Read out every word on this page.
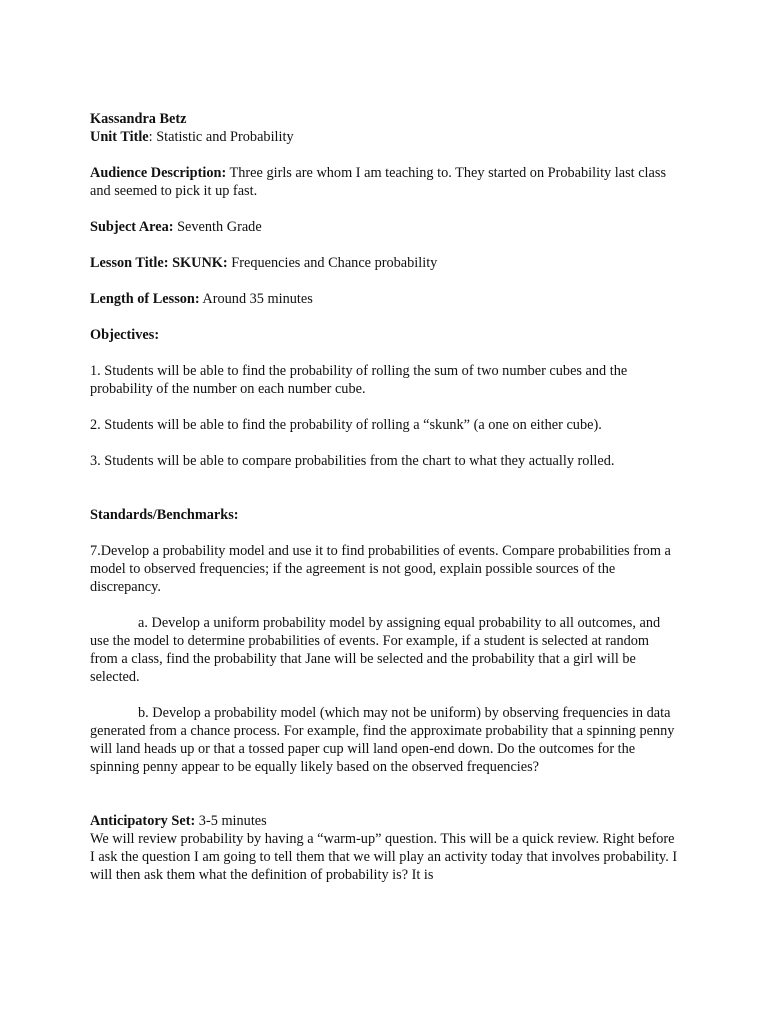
Kassandra Betz

Unit Title: Statistic and Probability

Audience Description: Three girls are whom I am teaching to. They started on Probability last class and seemed to pick it up fast.

Subject Area: Seventh Grade

Lesson Title: SKUNK: Frequencies and Chance probability

Length of Lesson: Around 35 minutes

Objectives:

1. Students will be able to find the probability of rolling the sum of two number cubes and the probability of the number on each number cube.

2. Students will be able to find the probability of rolling a “skunk” (a one on either cube).

3. Students will be able to compare probabilities from the chart to what they actually rolled.

Standards/Benchmarks:

7.Develop a probability model and use it to find probabilities of events. Compare probabilities from a model to observed frequencies; if the agreement is not good, explain possible sources of the discrepancy.

a. Develop a uniform probability model by assigning equal probability to all outcomes, and use the model to determine probabilities of events. For example, if a student is selected at random from a class, find the probability that Jane will be selected and the probability that a girl will be selected.

b. Develop a probability model (which may not be uniform) by observing frequencies in data generated from a chance process. For example, find the approximate probability that a spinning penny will land heads up or that a tossed paper cup will land open-end down. Do the outcomes for the spinning penny appear to be equally likely based on the observed frequencies?

Anticipatory Set: 3-5 minutes

We will review probability by having a “warm-up” question. This will be a quick review. Right before I ask the question I am going to tell them that we will play an activity today that involves probability. I will then ask them what the definition of probability is? It is
